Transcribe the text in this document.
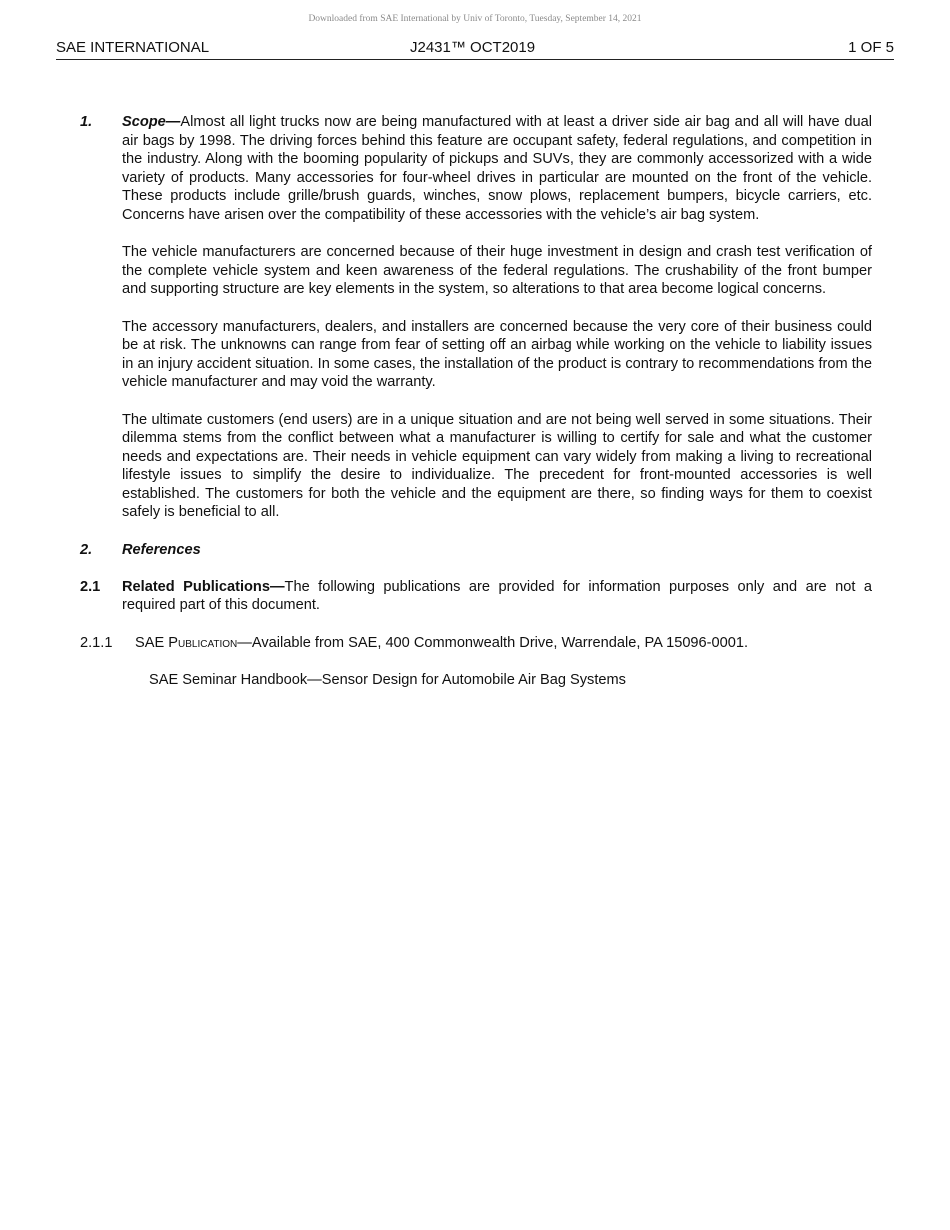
Downloaded from SAE International by Univ of Toronto, Tuesday, September 14, 2021
SAE INTERNATIONAL	J2431™ OCT2019	1 OF 5
1. Scope—Almost all light trucks now are being manufactured with at least a driver side air bag and all will have dual air bags by 1998. The driving forces behind this feature are occupant safety, federal regulations, and competition in the industry. Along with the booming popularity of pickups and SUVs, they are commonly accessorized with a wide variety of products. Many accessories for four-wheel drives in particular are mounted on the front of the vehicle. These products include grille/brush guards, winches, snow plows, replacement bumpers, bicycle carriers, etc. Concerns have arisen over the compatibility of these accessories with the vehicle’s air bag system.

The vehicle manufacturers are concerned because of their huge investment in design and crash test verification of the complete vehicle system and keen awareness of the federal regulations. The crushability of the front bumper and supporting structure are key elements in the system, so alterations to that area become logical concerns.

The accessory manufacturers, dealers, and installers are concerned because the very core of their business could be at risk. The unknowns can range from fear of setting off an airbag while working on the vehicle to liability issues in an injury accident situation. In some cases, the installation of the product is contrary to recommendations from the vehicle manufacturer and may void the warranty.

The ultimate customers (end users) are in a unique situation and are not being well served in some situations. Their dilemma stems from the conflict between what a manufacturer is willing to certify for sale and what the customer needs and expectations are. Their needs in vehicle equipment can vary widely from making a living to recreational lifestyle issues to simplify the desire to individualize. The precedent for front-mounted accessories is well established. The customers for both the vehicle and the equipment are there, so finding ways for them to coexist safely is beneficial to all.

2. References
2.1 Related Publications—The following publications are provided for information purposes only and are not a required part of this document.

2.1.1 SAE Publication—Available from SAE, 400 Commonwealth Drive, Warrendale, PA 15096-0001.

SAE Seminar Handbook—Sensor Design for Automobile Air Bag Systems
